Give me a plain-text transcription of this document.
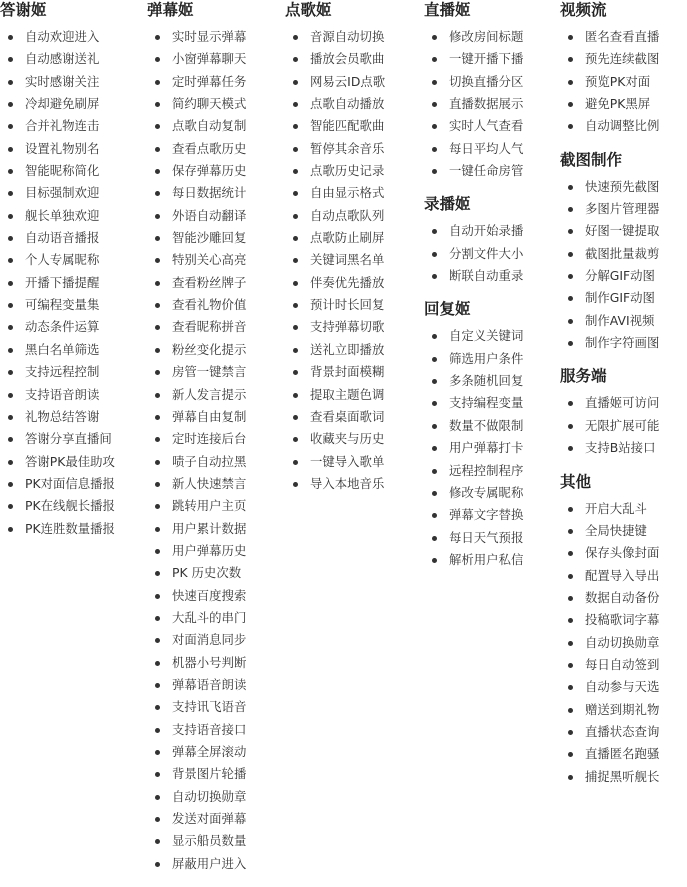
答谢姬
自动欢迎进入
自动感谢送礼
实时感谢关注
冷却避免刷屏
合并礼物连击
设置礼物别名
智能昵称简化
目标强制欢迎
舰长单独欢迎
自动语音播报
个人专属昵称
开播下播提醒
可编程变量集
动态条件运算
黑白名单筛选
支持远程控制
支持语音朗读
礼物总结答谢
答谢分享直播间
答谢PK最佳助攻
PK对面信息播报
PK在线舰长播报
PK连胜数量播报
弹幕姬
实时显示弹幕
小窗弹幕聊天
定时弹幕任务
简约聊天模式
点歌自动复制
查看点歌历史
保存弹幕历史
每日数据统计
外语自动翻译
智能沙雕回复
特别关心高亮
查看粉丝牌子
查看礼物价值
查看昵称拼音
粉丝变化提示
房管一键禁言
新人发言提示
弹幕自由复制
定时连接后台
啧子自动拉黑
新人快速禁言
跳转用户主页
用户累计数据
用户弹幕历史
PK 历史次数
快速百度搜索
大乱斗的串门
对面消息同步
机器小号判断
弹幕语音朗读
支持讯飞语音
支持语音接口
弹幕全屏滚动
背景图片轮播
自动切换勋章
发送对面弹幕
显示船员数量
屏蔽用户进入
点歌姬
音源自动切换
播放会员歌曲
网易云ID点歌
点歌自动播放
智能匹配歌曲
暂停其余音乐
点歌历史记录
自由显示格式
自动点歌队列
点歌防止刷屏
关键词黑名单
伴奏优先播放
预计时长回复
支持弹幕切歌
送礼立即播放
背景封面模糊
提取主题色调
查看桌面歌词
收藏夹与历史
一键导入歌单
导入本地音乐
直播姬
修改房间标题
一键开播下播
切换直播分区
直播数据展示
实时人气查看
每日平均人气
一键任命房管
录播姬
自动开始录播
分割文件大小
断联自动重录
回复姬
自定义关键词
筛选用户条件
多条随机回复
支持编程变量
数量不做限制
用户弹幕打卡
远程控制程序
修改专属昵称
弹幕文字替换
每日天气预报
解析用户私信
视频流
匿名查看直播
预先连续截图
预览PK对面
避免PK黑屏
自动调整比例
截图制作
快速预先截图
多图片管理器
好图一键提取
截图批量裁剪
分解GIF动图
制作GIF动图
制作AVI视频
制作字符画图
服务端
直播姬可访问
无限扩展可能
支持B站接口
其他
开启大乱斗
全局快捷键
保存头像封面
配置导入导出
数据自动备份
投稿歌词字幕
自动切换勋章
每日自动签到
自动参与天选
赠送到期礼物
直播状态查询
直播匿名跑骚
捕捉黑听舰长
